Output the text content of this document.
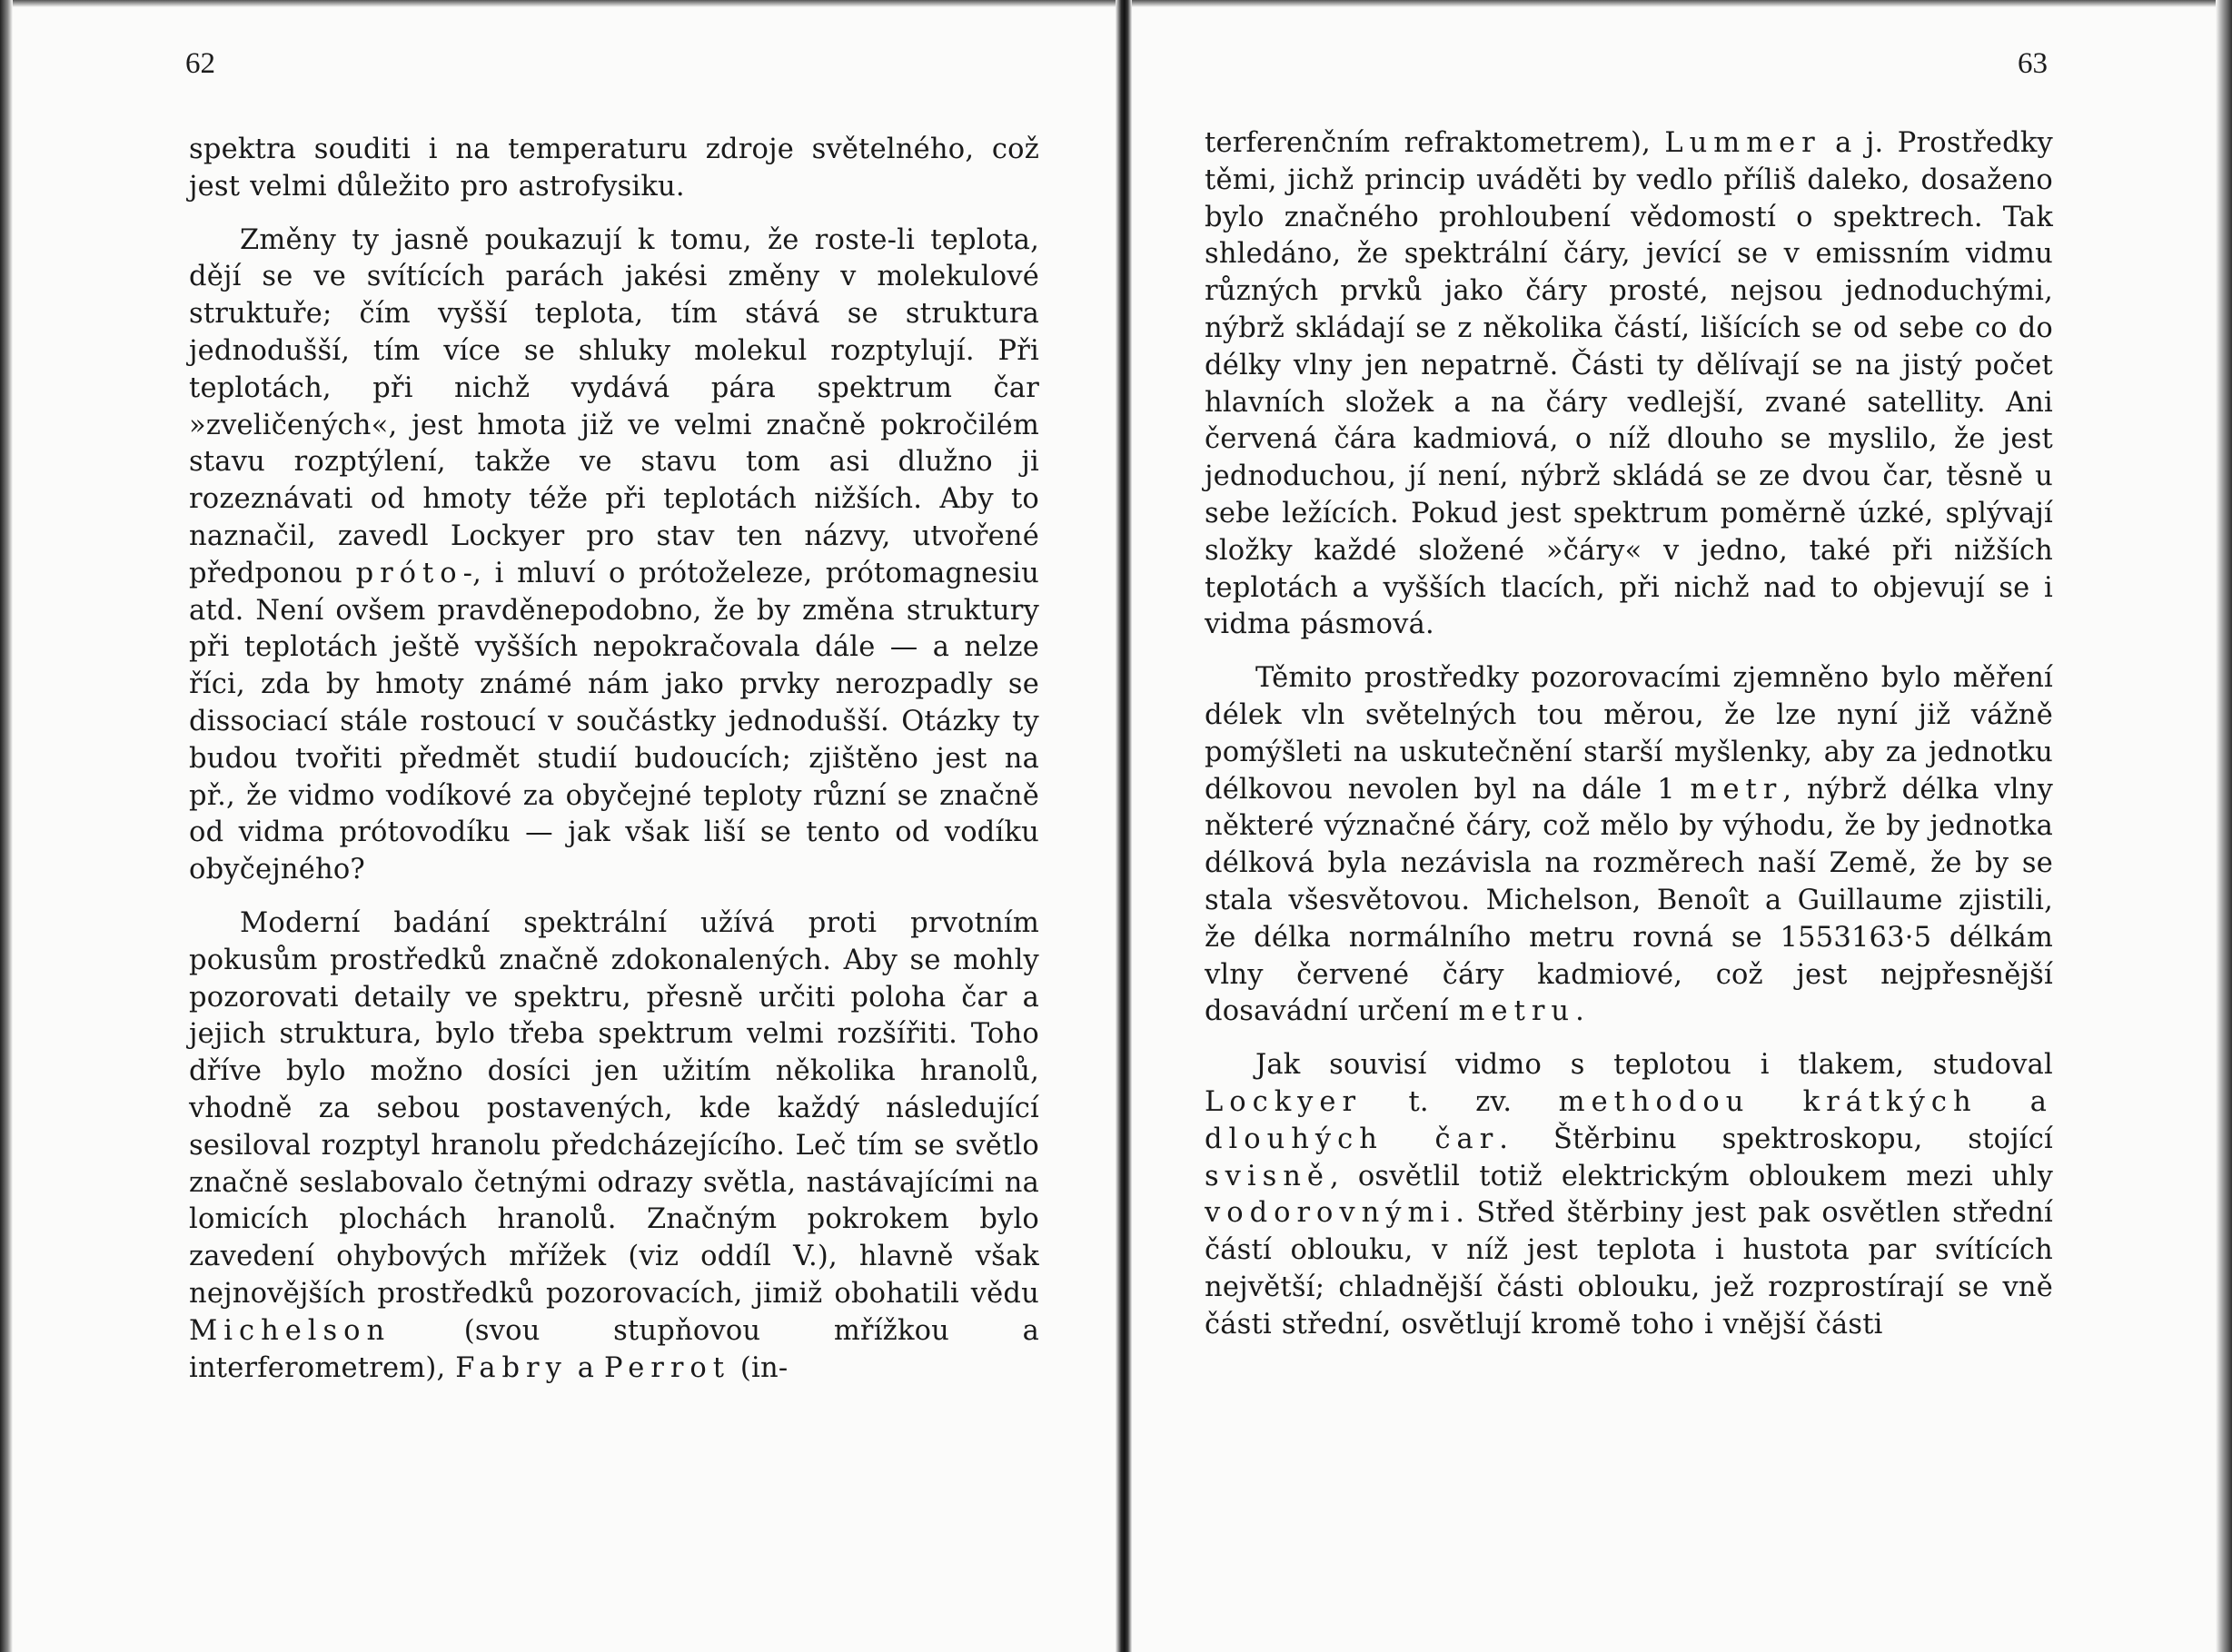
62

spektra souditi i na temperaturu zdroje světelného, což jest velmi důležito pro astrofysiku.

Změny ty jasně poukazují k tomu, že roste-li teplota, dějí se ve svítících parách jakési změny v molekulové struktuře; čím vyšší teplota, tím stává se struktura jednodušší, tím více se shluky molekul rozptylují. Při teplotách, při nichž vydává pára spektrum čar »zveličených«, jest hmota již ve velmi značně pokročilém stavu rozptýlení, takže ve stavu tom asi dlužno ji rozeznávati od hmoty téže při teplotách nižších. Aby to naznačil, zavedl Lockyer pro stav ten názvy, utvořené předponou próto-, i mluví o prótoželeze, prótomagnesiu atd. Není ovšem pravděnepodobno, že by změna struktury při teplotách ještě vyšších nepokračovala dále — a nelze říci, zda by hmoty známé nám jako prvky nerozpadly se dissociací stále rostoucí v součástky jednodušší. Otázky ty budou tvořiti předmět studií budoucích; zjištěno jest na př., že vidmo vodíkové za obyčejné teploty různí se značně od vidma prótovodíku — jak však liší se tento od vodíku obyčejného?

Moderní badání spektrální užívá proti prvotním pokusům prostředků značně zdokonalených. Aby se mohly pozorovati detaily ve spektru, přesně určiti poloha čar a jejich struktura, bylo třeba spektrum velmi rozšířiti. Toho dříve bylo možno dosíci jen užitím několika hranolů, vhodně za sebou postavených, kde každý následující sesiloval rozptyl hranolu předcházejícího. Leč tím se světlo značně seslabovalo četnými odrazy světla, nastávajícími na lomicích plochách hranolů. Značným pokrokem bylo zavedení ohybových mřížek (viz oddíl V.), hlavně však nejnovějších prostředků pozorovacích, jimiž obohatili vědu Michelson (svou stupňovou mřížkou a interferometrem), Fabry a Perrot (in-

63

terferenčním refraktometrem), Lummer a j. Prostředky těmi, jichž princip uváděti by vedlo příliš daleko, dosaženo bylo značného prohloubení vědomostí o spektrech. Tak shledáno, že spektrální čáry, jevící se v emissním vidmu různých prvků jako čáry prosté, nejsou jednoduchými, nýbrž skládají se z několika částí, lišících se od sebe co do délky vlny jen nepatrně. Části ty dělívají se na jistý počet hlavních složek a na čáry vedlejší, zvané satellity. Ani červená čára kadmiová, o níž dlouho se myslilo, že jest jednoduchou, jí není, nýbrž skládá se ze dvou čar, těsně u sebe ležících. Pokud jest spektrum poměrně úzké, splývají složky každé složené »čáry« v jedno, také při nižších teplotách a vyšších tlacích, při nichž nad to objevují se i vidma pásmová.

Těmito prostředky pozorovacími zjemněno bylo měření délek vln světelných tou měrou, že lze nyní již vážně pomýšleti na uskutečnění starší myšlenky, aby za jednotku délkovou nevolen byl na dále 1 metr, nýbrž délka vlny některé význačné čáry, což mělo by výhodu, že by jednotka délková byla nezávisla na rozměrech naší Země, že by se stala všesvětovou. Michelson, Benoît a Guillaume zjistili, že délka normálního metru rovná se 1553163·5 délkám vlny červené čáry kadmiové, což jest nejpřesnější dosavádní určení metru.

Jak souvisí vidmo s teplotou i tlakem, studoval Lockyer t. zv. methodou krátkých a dlouhých čar. Štěrbinu spektroskopu, stojící svisně, osvětlil totiž elektrickým obloukem mezi uhly vodorovnými. Střed štěrbiny jest pak osvětlen střední částí oblouku, v níž jest teplota i hustota par svítících největší; chladnější části oblouku, jež rozprostírají se vně části střední, osvětlují kromě toho i vnější části
